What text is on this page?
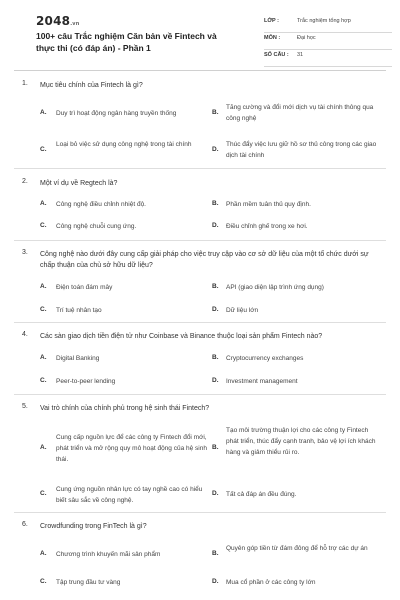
2048.vn
100+ câu Trắc nghiệm Căn bản về Fintech và thực thi (có đáp án) - Phần 1
LỚP :	Trắc nghiệm tổng hợp
MÔN :	Đại học
SỐ CÂU : 31
1. Mục tiêu chính của Fintech là gì?
A. Duy trì hoạt động ngân hàng truyền thống	B.
Tăng cường và đổi mới dịch vụ tài chính thông qua công nghệ
C.
Loại bỏ việc sử dụng công nghệ trong tài chính
D.
Thúc đẩy việc lưu giữ hồ sơ thủ công trong các giao dịch tài chính
2. Một ví dụ về Regtech là?
A. Công nghệ điều chỉnh nhiệt độ.	B. Phần mềm tuân thủ quy định.
C. Công nghệ chuỗi cung ứng.	D. Điều chỉnh ghế trong xe hơi.
3. Công nghệ nào dưới đây cung cấp giải pháp cho việc truy cập vào cơ sở dữ liệu của một tổ chức dưới sự chấp thuận của chủ sở hữu dữ liệu?
A. Điện toán đám mây	B. API (giao diện lập trình ứng dụng)
C. Trí tuệ nhân tạo	D. Dữ liệu lớn
4. Các sàn giao dịch tiền điện tử như Coinbase và Binance thuộc loại sản phẩm Fintech nào?
A. Digital Banking	B. Cryptocurrency exchanges
C. Peer-to-peer lending	D. Investment management
5. Vai trò chính của chính phủ trong hệ sinh thái Fintech?
A.
Cung cấp nguồn lực để các công ty Fintech đổi mới, phát triển và mở rộng quy mô hoạt động của hệ sinh thái.
B.
Tạo môi trường thuận lợi cho các công ty Fintech phát triển, thúc đẩy cạnh tranh, bảo vệ lợi ích khách hàng và giảm thiểu rủi ro.
C.
Cung ứng nguồn nhân lực có tay nghề cao có hiểu biết sâu sắc về công nghệ.
D. Tất cả đáp án đều đúng.
6. Crowdfunding trong FinTech là gì?
A. Chương trình khuyến mãi sản phẩm	B.
Quyên góp tiền từ đám đông để hỗ trợ các dự án
C. Tập trung đầu tư vàng	D. Mua cổ phần ở các công ty lớn
